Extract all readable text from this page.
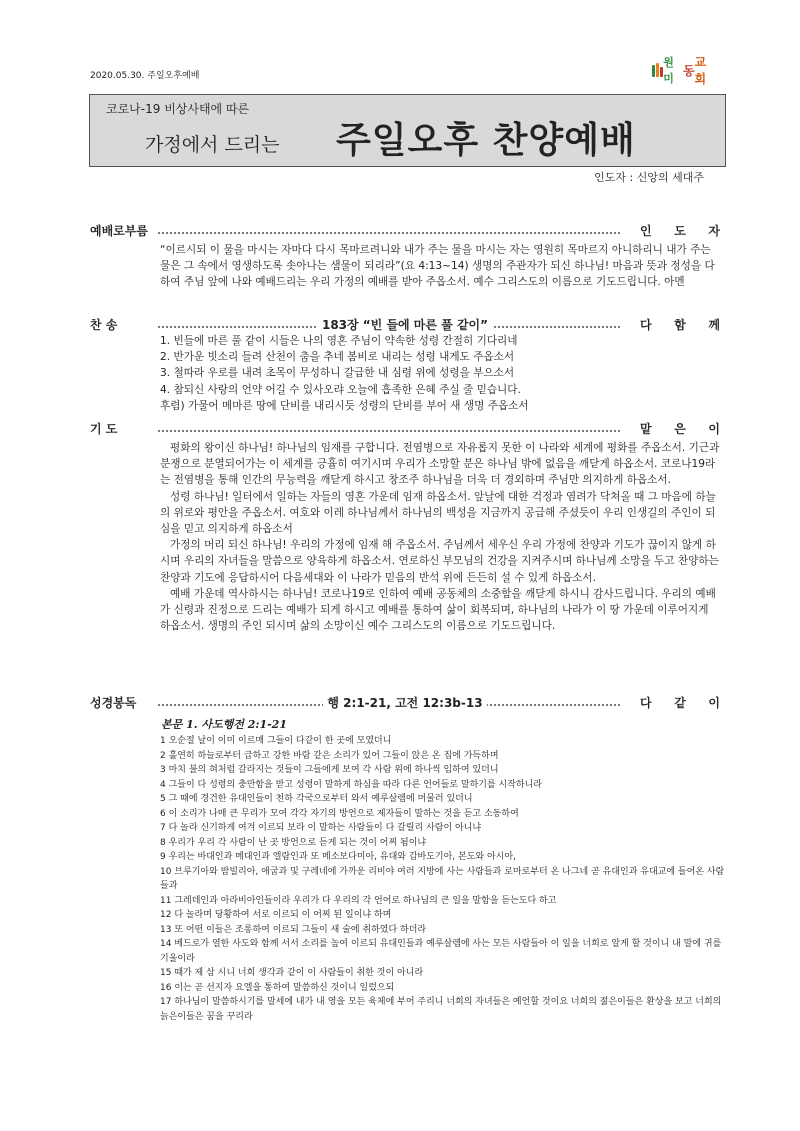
2020.05.30. 주일오후예배
원미
동
교회
코로나-19 비상사태에 따른
가정에서 드리는 주일오후 찬양예배
인도자 : 신앙의 세대주
예배로부름	인 도 자
“이르시되 이 물을 마시는 자마다 다시 목마르려니와 내가 주는 물을 마시는 자는 영원히 목마르지 아니하리니 내가 주는 물은 그 속에서 영생하도록 솟아나는 샘물이 되리라”(요 4:13~14) 생명의 주관자가 되신 하나님! 마음과 뜻과 정성을 다하여 주님 앞에 나와 예배드리는 우리 가정의 예배를 받아 주옵소서. 예수 그리스도의 이름으로 기도드립니다. 아멘
찬 송	183장 “빈 들에 마른 풀 같이”	다 함 께
1. 빈들에 마른 풀 같이 시들은 나의 영혼 주님이 약속한 성령 간절히 기다리네
2. 반가운 빗소리 들려 산천이 춤을 추네 봄비로 내리는 성령 내게도 주옵소서
3. 철따라 우로를 내려 초목이 무성하니 갈급한 내 심령 위에 성령을 부으소서
4. 참되신 사랑의 언약 어길 수 있사오랴 오늘에 흡족한 은혜 주실 줄 믿습니다.
후렴) 가물어 메마른 땅에 단비를 내리시듯 성령의 단비를 부어 새 생명 주옵소서
기 도	맡 은 이

평화의 왕이신 하나님! 하나님의 임재를 구합니다. 전염병으로 자유롭지 못한 이 나라와 세계에 평화를 주옵소서. 기근과 분쟁으로 분열되어가는 이 세계를 긍휼히 여기시며 우리가 소망할 분은 하나님 밖에 없음을 깨닫게 하옵소서. 코로나19라는 전염병을 통해 인간의 무능력을 깨닫게 하시고 창조주 하나님을 더욱 더 경외하며 주님만 의지하게 하옵소서.

성령 하나님! 일터에서 일하는 자들의 영혼 가운데 임재 하옵소서. 앞날에 대한 걱정과 염려가 닥쳐올 때 그 마음에 하늘의 위로와 평안을 주옵소서. 여호와 이레 하나님께서 하나님의 백성을 지금까지 공급해 주셨듯이 우리 인생길의 주인이 되심을 믿고 의지하게 하옵소서

가정의 머리 되신 하나님! 우리의 가정에 임재 해 주옵소서. 주님께서 세우신 우리 가정에 찬양과 기도가 끊이지 않게 하시며 우리의 자녀들을 말씀으로 양육하게 하옵소서. 연로하신 부모님의 건강을 지켜주시며 하나님께 소망을 두고 찬양하는 찬양과 기도에 응답하시어 다음세대와 이 나라가 믿음의 반석 위에 든든히 설 수 있게 하옵소서.

예배 가운데 역사하시는 하나님! 코로나19로 인하여 예배 공동체의 소중함을 깨닫게 하시니 감사드립니다. 우리의 예배가 신령과 진정으로 드리는 예배가 되게 하시고 예배를 통하여 삶이 회복되며, 하나님의 나라가 이 땅 가운데 이루어지게 하옵소서. 생명의 주인 되시며 삶의 소망이신 예수 그리스도의 이름으로 기도드립니다.

성경봉독	행 2:1-21, 고전 12:3b-13	다 같 이
본문 1. 사도행전 2:1-21
1 오순절 날이 이미 이르매 그들이 다같이 한 곳에 모였더니
2 홀연히 하늘로부터 급하고 강한 바람 같은 소리가 있어 그들이 앉은 온 집에 가득하며
3 마치 불의 혀처럼 갈라지는 것들이 그들에게 보여 각 사람 위에 하나씩 임하여 있더니
4 그들이 다 성령의 충만함을 받고 성령이 말하게 하심을 따라 다른 언어들로 말하기를 시작하니라
5 그 때에 경건한 유대인들이 천하 각국으로부터 와서 예루살렘에 머물러 있더니
6 이 소리가 나매 큰 무리가 모여 각각 자기의 방언으로 제자들이 말하는 것을 듣고 소동하여
7 다 놀라 신기하게 여겨 이르되 보라 이 말하는 사람들이 다 갈릴리 사람이 아니냐
8 우리가 우리 각 사람이 난 곳 방언으로 듣게 되는 것이 어찌 됨이냐
9 우리는 바대인과 메대인과 엘람인과 또 메소보다미아, 유대와 갑바도기아, 본도와 아시아,
10 브루기아와 밤빌리아, 애굽과 및 구레네에 가까운 리비야 여러 지방에 사는 사람들과 로마로부터 온 나그네 곧 유대인과 유대교에 들어온 사람들과
11 그레데인과 아라비아인들이라 우리가 다 우리의 각 언어로 하나님의 큰 일을 말함을 듣는도다 하고
12 다 놀라며 당황하여 서로 이르되 이 어찌 된 일이냐 하며
13 또 어떤 이들은 조롱하여 이르되 그들이 새 술에 취하였다 하더라
14 베드로가 열한 사도와 함께 서서 소리를 높여 이르되 유대인들과 예루살렘에 사는 모든 사람들아 이 일을 너희로 알게 할 것이니 내 말에 귀를 기울이라
15 때가 제 삼 시니 너희 생각과 같이 이 사람들이 취한 것이 아니라
16 이는 곧 선지자 요엘을 통하여 말씀하신 것이니 일렀으되
17 하나님이 말씀하시기를 말세에 내가 내 영을 모든 육체에 부어 주리니 너희의 자녀들은 예언할 것이요 너희의 젊은이들은 환상을 보고 너희의 늙은이들은 꿈을 꾸리라
